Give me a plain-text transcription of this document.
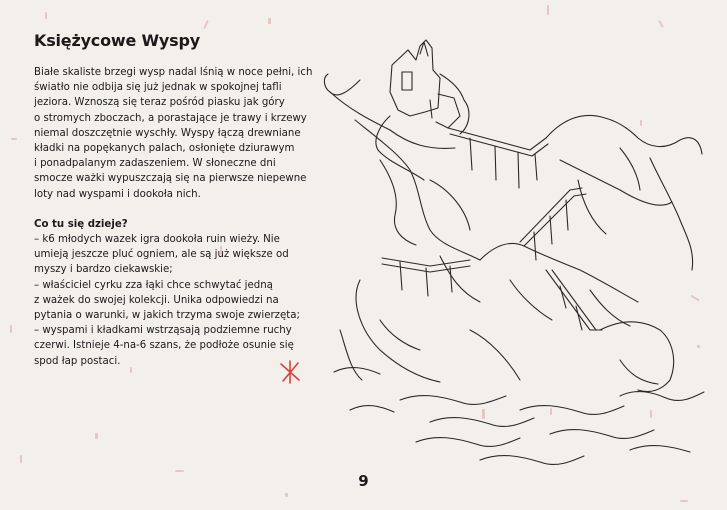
Księżycowe Wyspy

Białe skaliste brzegi wysp nadal lśnią w noce pełni, ich
światło nie odbija się już jednak w spokojnej tafli
jeziora. Wznoszą się teraz pośród piasku jak góry
o stromych zboczach, a porastające je trawy i krzewy
niemal doszczętnie wyschły. Wyspy łączą drewniane
kładki na popękanych palach, osłonięte dziurawym
i ponadpalanym zadaszeniem. W słoneczne dni
smocze ważki wypuszczają się na pierwsze niepewne
loty nad wyspami i dookoła nich.

Co tu się dzieje?

– k6 młodych wazek igra dookoła ruin wieży. Nie
umieją jeszcze pluć ogniem, ale są już większe od
myszy i bardzo ciekawskie;
– właściciel cyrku zza łąki chce schwytać jedną
z ważek do swojej kolekcji. Unika odpowiedzi na
pytania o warunki, w jakich trzyma swoje zwierzęta;
– wyspami i kładkami wstrząsają podziemne ruchy
czerwi. Istnieje 4-na-6 szans, że podłoże osunie się
spod łap postaci.

9
